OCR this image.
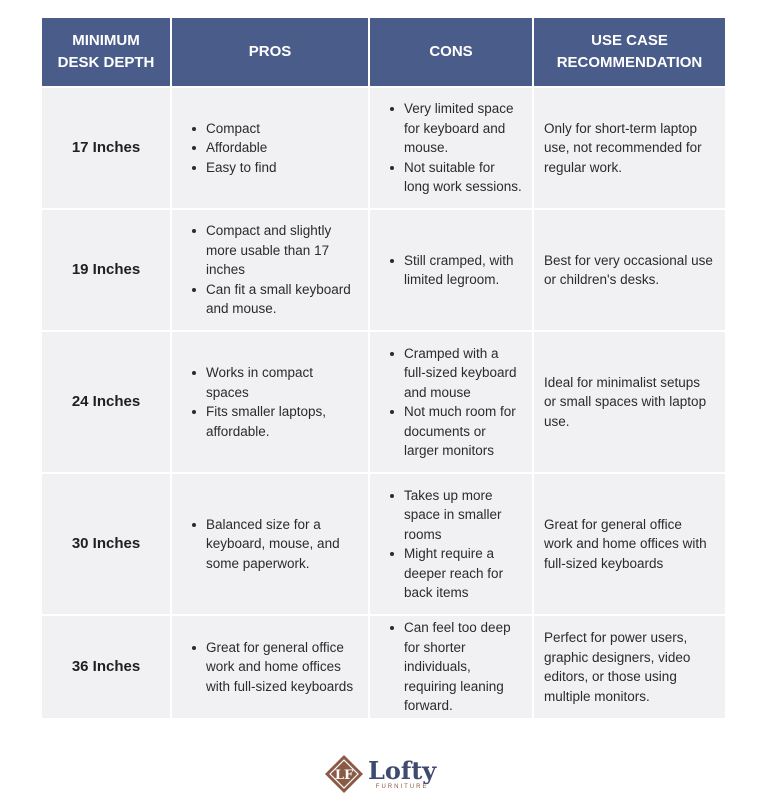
MINIMUM DESK DEPTH
PROS	CONS
USE CASE RECOMMENDATION
17 Inches
Compact
Affordable
Easy to find
Very limited space for keyboard and mouse.
Not suitable for long work sessions.
Only for short-term laptop use, not recommended for regular work.
19 Inches
Compact and slightly more usable than 17 inches
Can fit a small keyboard and mouse.
Still cramped, with limited legroom.
Best for very occasional use or children's desks.
24 Inches
Works in compact spaces
Fits smaller laptops, affordable.
Cramped with a full-sized keyboard and mouse
Not much room for documents or larger monitors
Ideal for minimalist setups or small spaces with laptop use.
30 Inches
Balanced size for a keyboard, mouse, and some paperwork.
Takes up more space in smaller rooms
Might require a deeper reach for back items
Great for general office work and home offices with full-sized keyboards
36 Inches
Great for general office work and home offices with full-sized keyboards
Can feel too deep for shorter individuals, requiring leaning forward.
Perfect for power users, graphic designers, video editors, or those using multiple monitors.
LF Lofty
FURNITURE
